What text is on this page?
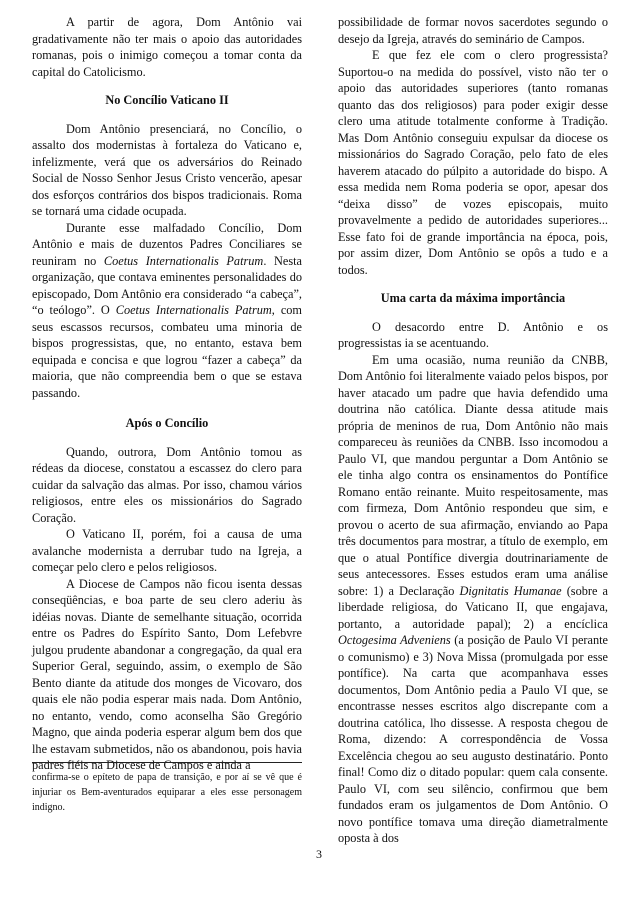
A partir de agora, Dom Antônio vai gradativamente não ter mais o apoio das autoridades romanas, pois o inimigo começou a tomar conta da capital do Catolicismo.

No Concílio Vaticano II

Dom Antônio presenciará, no Concílio, o assalto dos modernistas à fortaleza do Vaticano e, infelizmente, verá que os adversários do Reinado Social de Nosso Senhor Jesus Cristo vencerão, apesar dos esforços contrários dos bispos tradicionais. Roma se tornará uma cidade ocupada.

Durante esse malfadado Concílio, Dom Antônio e mais de duzentos Padres Conciliares se reuniram no Coetus Internationalis Patrum. Nesta organização, que contava eminentes personalidades do episcopado, Dom Antônio era considerado “a cabeça”, “o teólogo”. O Coetus Internationalis Patrum, com seus escassos recursos, combateu uma minoria de bispos progressistas, que, no entanto, estava bem equipada e concisa e que logrou “fazer a cabeça” da maioria, que não compreendia bem o que se estava passando.

Após o Concílio

Quando, outrora, Dom Antônio tomou as rédeas da diocese, constatou a escassez do clero para cuidar da salvação das almas. Por isso, chamou vários religiosos, entre eles os missionários do Sagrado Coração.

O Vaticano II, porém, foi a causa de uma avalanche modernista a derrubar tudo na Igreja, a começar pelo clero e pelos religiosos.

A Diocese de Campos não ficou isenta dessas conseqüências, e boa parte de seu clero aderiu às idéias novas. Diante de semelhante situação, ocorrida entre os Padres do Espírito Santo, Dom Lefebvre julgou prudente abandonar a congregação, da qual era Superior Geral, seguindo, assim, o exemplo de São Bento diante da atitude dos monges de Vicovaro, dos quais ele não podia esperar mais nada. Dom Antônio, no entanto, vendo, como aconselha São Gregório Magno, que ainda poderia esperar algum bem dos que lhe estavam submetidos, não os abandonou, pois havia padres fiéis na Diocese de Campos e ainda a

confirma-se o epíteto de papa de transição, e por aí se vê que é injuriar os Bem-aventurados equiparar a eles esse personagem indigno.

possibilidade de formar novos sacerdotes segundo o desejo da Igreja, através do seminário de Campos.

E que fez ele com o clero progressista? Suportou-o na medida do possível, visto não ter o apoio das autoridades superiores (tanto romanas quanto das dos religiosos) para poder exigir desse clero uma atitude totalmente conforme à Tradição. Mas Dom Antônio conseguiu expulsar da diocese os missionários do Sagrado Coração, pelo fato de eles haverem atacado do púlpito a autoridade do bispo. A essa medida nem Roma poderia se opor, apesar dos “deixa disso” de vozes episcopais, muito provavelmente a pedido de autoridades superiores... Esse fato foi de grande importância na época, pois, por assim dizer, Dom Antônio se opôs a tudo e a todos.

Uma carta da máxima importância

O desacordo entre D. Antônio e os progressistas ia se acentuando.

Em uma ocasião, numa reunião da CNBB, Dom Antônio foi literalmente vaiado pelos bispos, por haver atacado um padre que havia defendido uma doutrina não católica. Diante dessa atitude mais própria de meninos de rua, Dom Antônio não mais compareceu às reuniões da CNBB. Isso incomodou a Paulo VI, que mandou perguntar a Dom Antônio se ele tinha algo contra os ensinamentos do Pontífice Romano então reinante. Muito respeitosamente, mas com firmeza, Dom Antônio respondeu que sim, e provou o acerto de sua afirmação, enviando ao Papa três documentos para mostrar, a título de exemplo, em que o atual Pontífice divergia doutrinariamente de seus antecessores. Esses estudos eram uma análise sobre: 1) a Declaração Dignitatis Humanae (sobre a liberdade religiosa, do Vaticano II, que engajava, portanto, a autoridade papal); 2) a encíclica Octogesima Adveniens (a posição de Paulo VI perante o comunismo) e 3) Nova Missa (promulgada por esse pontífice). Na carta que acompanhava esses documentos, Dom Antônio pedia a Paulo VI que, se encontrasse nesses escritos algo discrepante com a doutrina católica, lho dissesse. A resposta chegou de Roma, dizendo: A correspondência de Vossa Excelência chegou ao seu augusto destinatário. Ponto final! Como diz o ditado popular: quem cala consente. Paulo VI, com seu silêncio, confirmou que bem fundados eram os julgamentos de Dom Antônio. O novo pontífice tomava uma direção diametralmente oposta à dos

3
